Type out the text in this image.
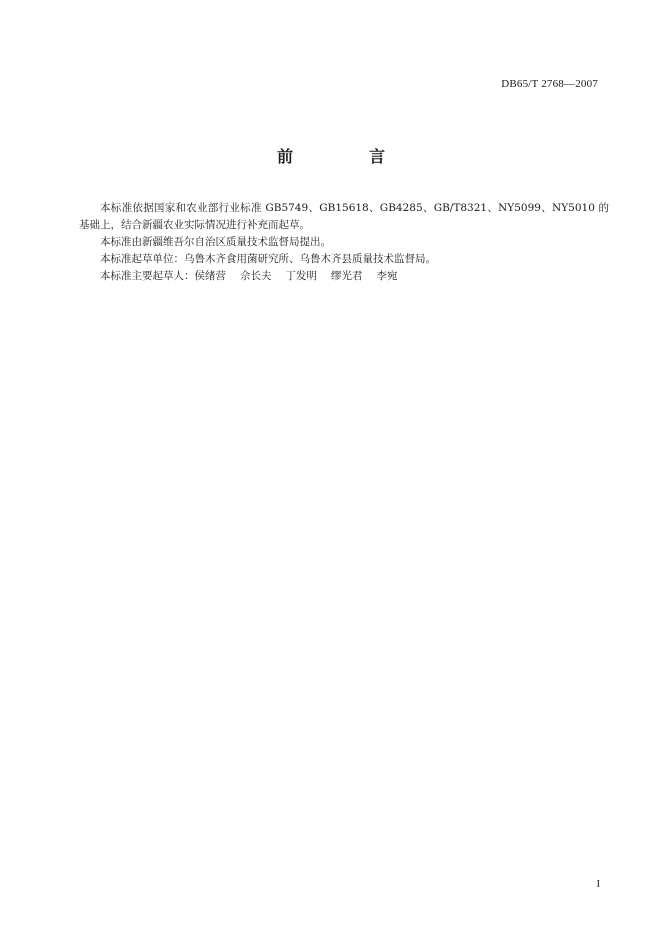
DB65/T 2768—2007
前　言

本标准依据国家和农业部行业标准 GB5749、GB15618、GB4285、GB/T8321、NY5099、NY5010 的基础上，结合新疆农业实际情况进行补充而起草。

本标准由新疆维吾尔自治区质量技术监督局提出。

本标准起草单位：乌鲁木齐食用菌研究所、乌鲁木齐县质量技术监督局。

本标准主要起草人：侯绪营 佘长夫 丁发明 缪光君 李宛

I
